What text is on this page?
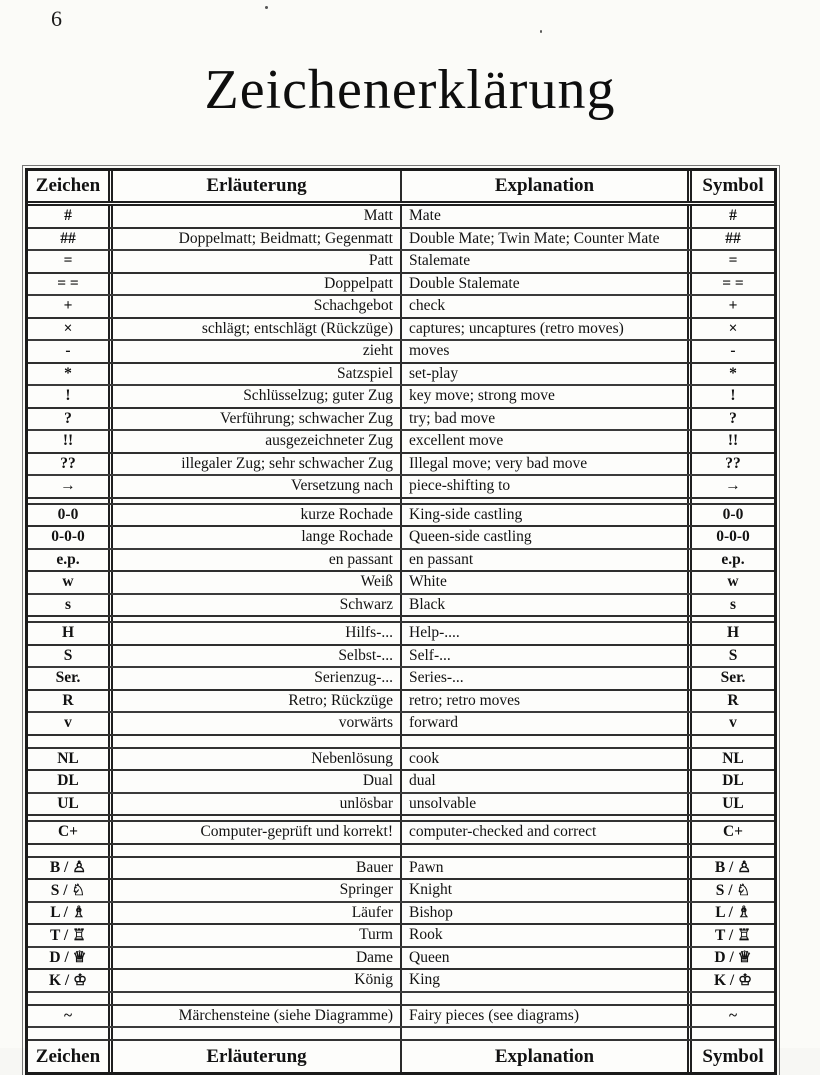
6
Zeichenerklärung
Zeichen	Erläuterung	Explanation	Symbol
#	Matt	Mate	#
##	Doppelmatt; Beidmatt; Gegenmatt	Double Mate; Twin Mate; Counter Mate	##
=	Patt	Stalemate	=
= =	Doppelpatt	Double Stalemate	= =
+	Schachgebot	check	+
×	schlägt; entschlägt (Rückzüge)	captures; uncaptures (retro moves)	×
-	zieht	moves	-
*	Satzspiel	set-play	*
!	Schlüsselzug; guter Zug	key move; strong move	!
?	Verführung; schwacher Zug	try; bad move	?
!!	ausgezeichneter Zug	excellent move	!!
??	illegaler Zug; sehr schwacher Zug	Illegal move; very bad move	??
→	Versetzung nach	piece-shifting to	→
0-0	kurze Rochade	King-side castling	0-0
0-0-0	lange Rochade	Queen-side castling	0-0-0
e.p.	en passant	en passant	e.p.
w	Weiß	White	w
s	Schwarz	Black	s
H	Hilfs-...	Help-....	H
S	Selbst-...	Self-...	S
Ser.	Serienzug-...	Series-...	Ser.
R	Retro; Rückzüge	retro; retro moves	R
v	vorwärts	forward	v
NL	Nebenlösung	cook	NL
DL	Dual	dual	DL
UL	unlösbar	unsolvable	UL
C+	Computer-geprüft und korrekt!	computer-checked and correct	C+
B / ♙	Bauer	Pawn	B / ♙
S / ♘	Springer	Knight	S / ♘
L / ♗	Läufer	Bishop	L / ♗
T / ♖	Turm	Rook	T / ♖
D / ♕	Dame	Queen	D / ♕
K / ♔	König	King	K / ♔
~	Märchensteine (siehe Diagramme)	Fairy pieces (see diagrams)	~
Zeichen	Erläuterung	Explanation	Symbol
